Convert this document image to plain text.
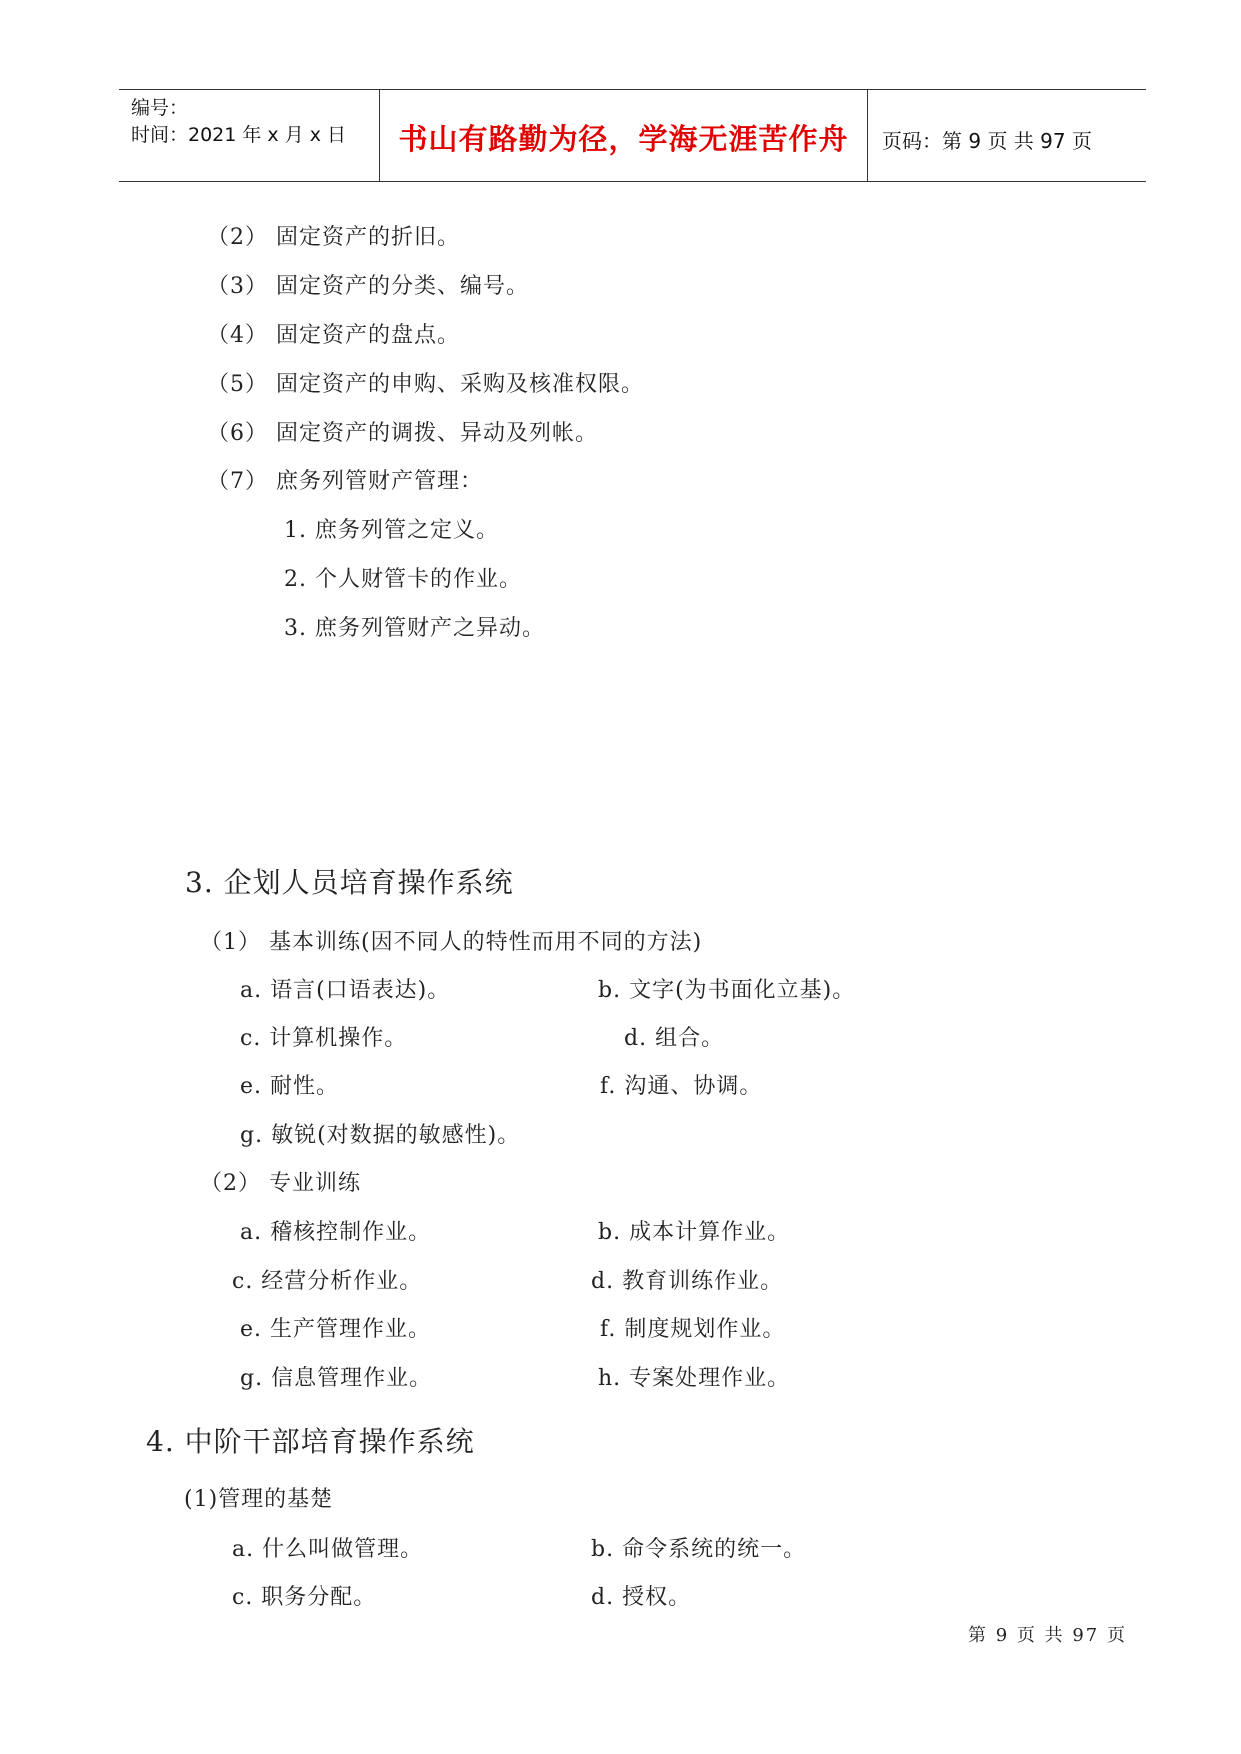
编号：
时间：2021 年 x 月 x 日	书山有路勤为径，学海无涯苦作舟	页码：第 9 页 共 97 页
（2） 固定资产的折旧。
（3） 固定资产的分类、编号。
（4） 固定资产的盘点。
（5） 固定资产的申购、采购及核准权限。
（6） 固定资产的调拨、异动及列帐。
（7） 庶务列管财产管理：
1. 庶务列管之定义。
2. 个人财管卡的作业。
3. 庶务列管财产之异动。
3. 企划人员培育操作系统
（1） 基本训练(因不同人的特性而用不同的方法)
a. 语言(口语表达)。	b. 文字(为书面化立基)。
c. 计算机操作。	d. 组合。
e. 耐性。	f. 沟通、协调。
g. 敏锐(对数据的敏感性)。
（2） 专业训练
a. 稽核控制作业。	b. 成本计算作业。
c. 经营分析作业。	d. 教育训练作业。
e. 生产管理作业。	f. 制度规划作业。
g. 信息管理作业。	h. 专案处理作业。
4. 中阶干部培育操作系统
(1)管理的基楚
a. 什么叫做管理。	b. 命令系统的统一。
c. 职务分配。	d. 授权。
第 9 页 共 97 页
